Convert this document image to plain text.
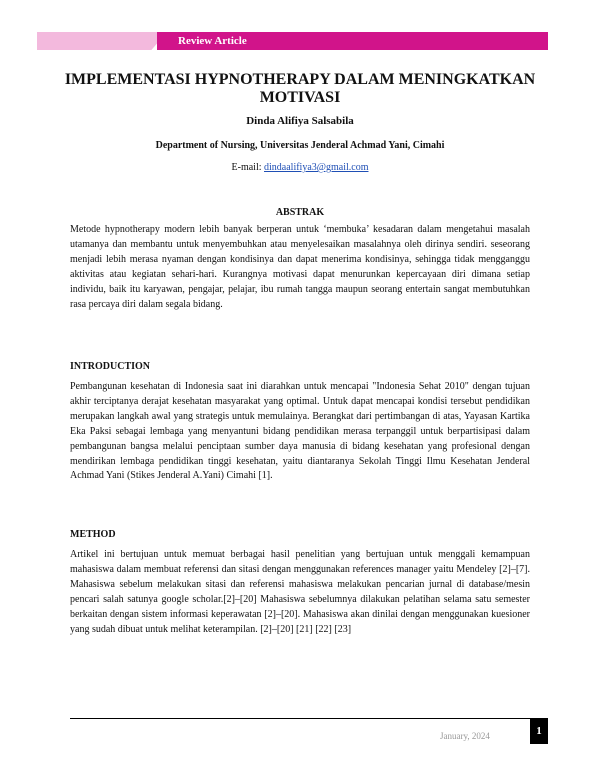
Review Article
IMPLEMENTASI HYPNOTHERAPY DALAM MENINGKATKAN MOTIVASI
Dinda Alifiya Salsabila
Department of Nursing, Universitas Jenderal Achmad Yani, Cimahi
E-mail: dindaalifiya3@gmail.com
ABSTRAK

Metode hypnotherapy modern lebih banyak berperan untuk ‘membuka’ kesadaran dalam mengetahui masalah utamanya dan membantu untuk menyembuhkan atau menyelesaikan masalahnya oleh dirinya sendiri. seseorang menjadi lebih merasa nyaman dengan kondisinya dan dapat menerima kondisinya, sehingga tidak mengganggu aktivitas atau kegiatan sehari-hari. Kurangnya motivasi dapat menurunkan kepercayaan diri dimana setiap individu, baik itu karyawan, pengajar, pelajar, ibu rumah tangga maupun seorang entertain sangat membutuhkan rasa percaya diri dalam segala bidang.

INTRODUCTION

Pembangunan kesehatan di Indonesia saat ini diarahkan untuk mencapai "Indonesia Sehat 2010" dengan tujuan akhir terciptanya derajat kesehatan masyarakat yang optimal. Untuk dapat mencapai kondisi tersebut pendidikan merupakan langkah awal yang strategis untuk memulainya. Berangkat dari pertimbangan di atas, Yayasan Kartika Eka Paksi sebagai lembaga yang menyantuni bidang pendidikan merasa terpanggil untuk berpartisipasi dalam pembangunan bangsa melalui penciptaan sumber daya manusia di bidang kesehatan yang profesional dengan mendirikan lembaga pendidikan tinggi kesehatan, yaitu diantaranya Sekolah Tinggi Ilmu Kesehatan Jenderal Achmad Yani (Stikes Jenderal A.Yani) Cimahi [1].

METHOD

Artikel ini bertujuan untuk memuat berbagai hasil penelitian yang bertujuan untuk menggali kemampuan mahasiswa dalam membuat referensi dan sitasi dengan menggunakan references manager yaitu Mendeley [2]–[7]. Mahasiswa sebelum melakukan sitasi dan referensi mahasiswa melakukan pencarian jurnal di database/mesin pencari salah satunya google scholar.[2]–[20] Mahasiswa sebelumnya dilakukan pelatihan selama satu semester berkaitan dengan sistem informasi keperawatan [2]–[20]. Mahasiswa akan dinilai dengan menggunakan kuesioner yang sudah dibuat untuk melihat keterampilan. [2]–[20] [21] [22] [23]

January, 2024	1
